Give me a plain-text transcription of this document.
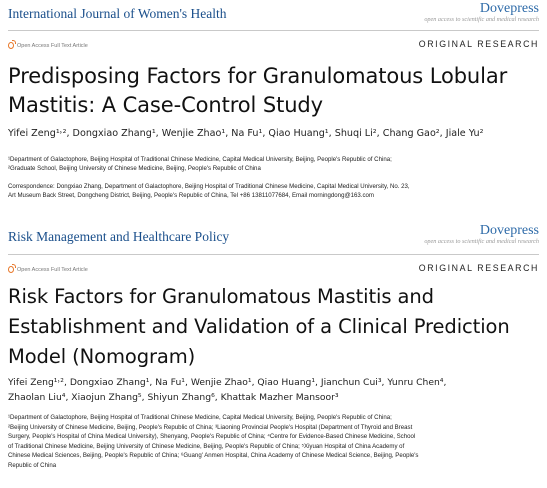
International Journal of Women's Health	Dovepress
open access to scientific and medical research
Open Access Full Text Article	ORIGINAL RESEARCH
Predisposing Factors for Granulomatous Lobular
Mastitis: A Case-Control Study

Yifei Zeng¹˒², Dongxiao Zhang¹, Wenjie Zhao¹, Na Fu¹, Qiao Huang¹, Shuqi Li², Chang Gao², Jiale Yu²

¹Department of Galactophore, Beijing Hospital of Traditional Chinese Medicine, Capital Medical University, Beijing, People's Republic of China;

²Graduate School, Beijing University of Chinese Medicine, Beijing, People's Republic of China

Correspondence: Dongxiao Zhang, Department of Galactophore, Beijing Hospital of Traditional Chinese Medicine, Capital Medical University, No. 23,

Art Museum Back Street, Dongcheng District, Beijing, People's Republic of China, Tel +86 13811077684, Email morningdong@163.com

Risk Management and Healthcare Policy	Dovepress
open access to scientific and medical research
Open Access Full Text Article	ORIGINAL RESEARCH
Risk Factors for Granulomatous Mastitis and
Establishment and Validation of a Clinical Prediction
Model (Nomogram)

Yifei Zeng¹˒², Dongxiao Zhang¹, Na Fu¹, Wenjie Zhao¹, Qiao Huang¹, Jianchun Cui³, Yunru Chen⁴,

Zhaolan Liu⁴, Xiaojun Zhang⁵, Shiyun Zhang⁶, Khattak Mazher Mansoor³

¹Department of Galactophore, Beijing Hospital of Traditional Chinese Medicine, Capital Medical University, Beijing, People's Republic of China;

²Beijing University of Chinese Medicine, Beijing, People's Republic of China; ³Liaoning Provincial People's Hospital (Department of Thyroid and Breast

Surgery, People's Hospital of China Medical University), Shenyang, People's Republic of China; ⁴Centre for Evidence-Based Chinese Medicine, School

of Traditional Chinese Medicine, Beijing University of Chinese Medicine, Beijing, People's Republic of China; ⁵Xiyuan Hospital of China Academy of

Chinese Medical Sciences, Beijing, People's Republic of China; ⁶Guang' Anmen Hospital, China Academy of Chinese Medical Science, Beijing, People's

Republic of China
